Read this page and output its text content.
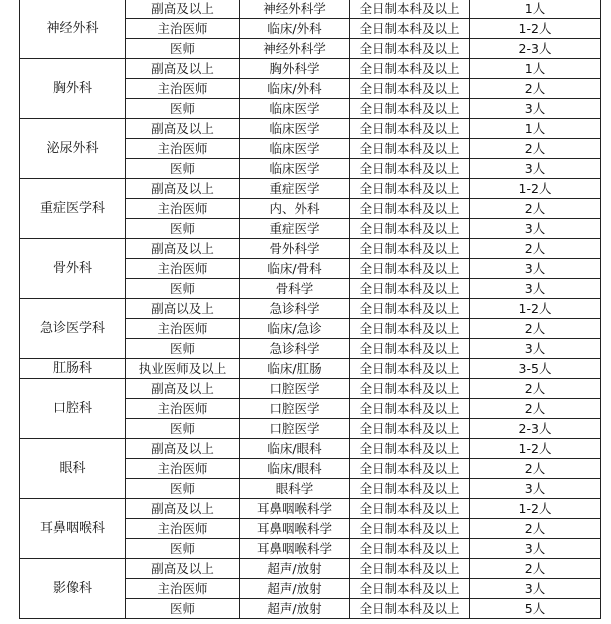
神经外科	副高及以上	神经外科学	全日制本科及以上	1人
	主治医师	临床/外科	全日制本科及以上	1-2人
	医师	神经外科学	全日制本科及以上	2-3人
胸外科	副高及以上	胸外科学	全日制本科及以上	1人
	主治医师	临床/外科	全日制本科及以上	2人
	医师	临床医学	全日制本科及以上	3人
泌尿外科	副高及以上	临床医学	全日制本科及以上	1人
	主治医师	临床医学	全日制本科及以上	2人
	医师	临床医学	全日制本科及以上	3人
重症医学科	副高及以上	重症医学	全日制本科及以上	1-2人
	主治医师	内、外科	全日制本科及以上	2人
	医师	重症医学	全日制本科及以上	3人
骨外科	副高及以上	骨外科学	全日制本科及以上	2人
	主治医师	临床/骨科	全日制本科及以上	3人
	医师	骨科学	全日制本科及以上	3人
急诊医学科	副高以及上	急诊科学	全日制本科及以上	1-2人
	主治医师	临床/急诊	全日制本科及以上	2人
	医师	急诊科学	全日制本科及以上	3人
肛肠科	执业医师及以上	临床/肛肠	全日制本科及以上	3-5人
口腔科	副高及以上	口腔医学	全日制本科及以上	2人
	主治医师	口腔医学	全日制本科及以上	2人
	医师	口腔医学	全日制本科及以上	2-3人
眼科	副高及以上	临床/眼科	全日制本科及以上	1-2人
	主治医师	临床/眼科	全日制本科及以上	2人
	医师	眼科学	全日制本科及以上	3人
耳鼻咽喉科	副高及以上	耳鼻咽喉科学	全日制本科及以上	1-2人
	主治医师	耳鼻咽喉科学	全日制本科及以上	2人
	医师	耳鼻咽喉科学	全日制本科及以上	3人
影像科	副高及以上	超声/放射	全日制本科及以上	2人
	主治医师	超声/放射	全日制本科及以上	3人
	医师	超声/放射	全日制本科及以上	5人
